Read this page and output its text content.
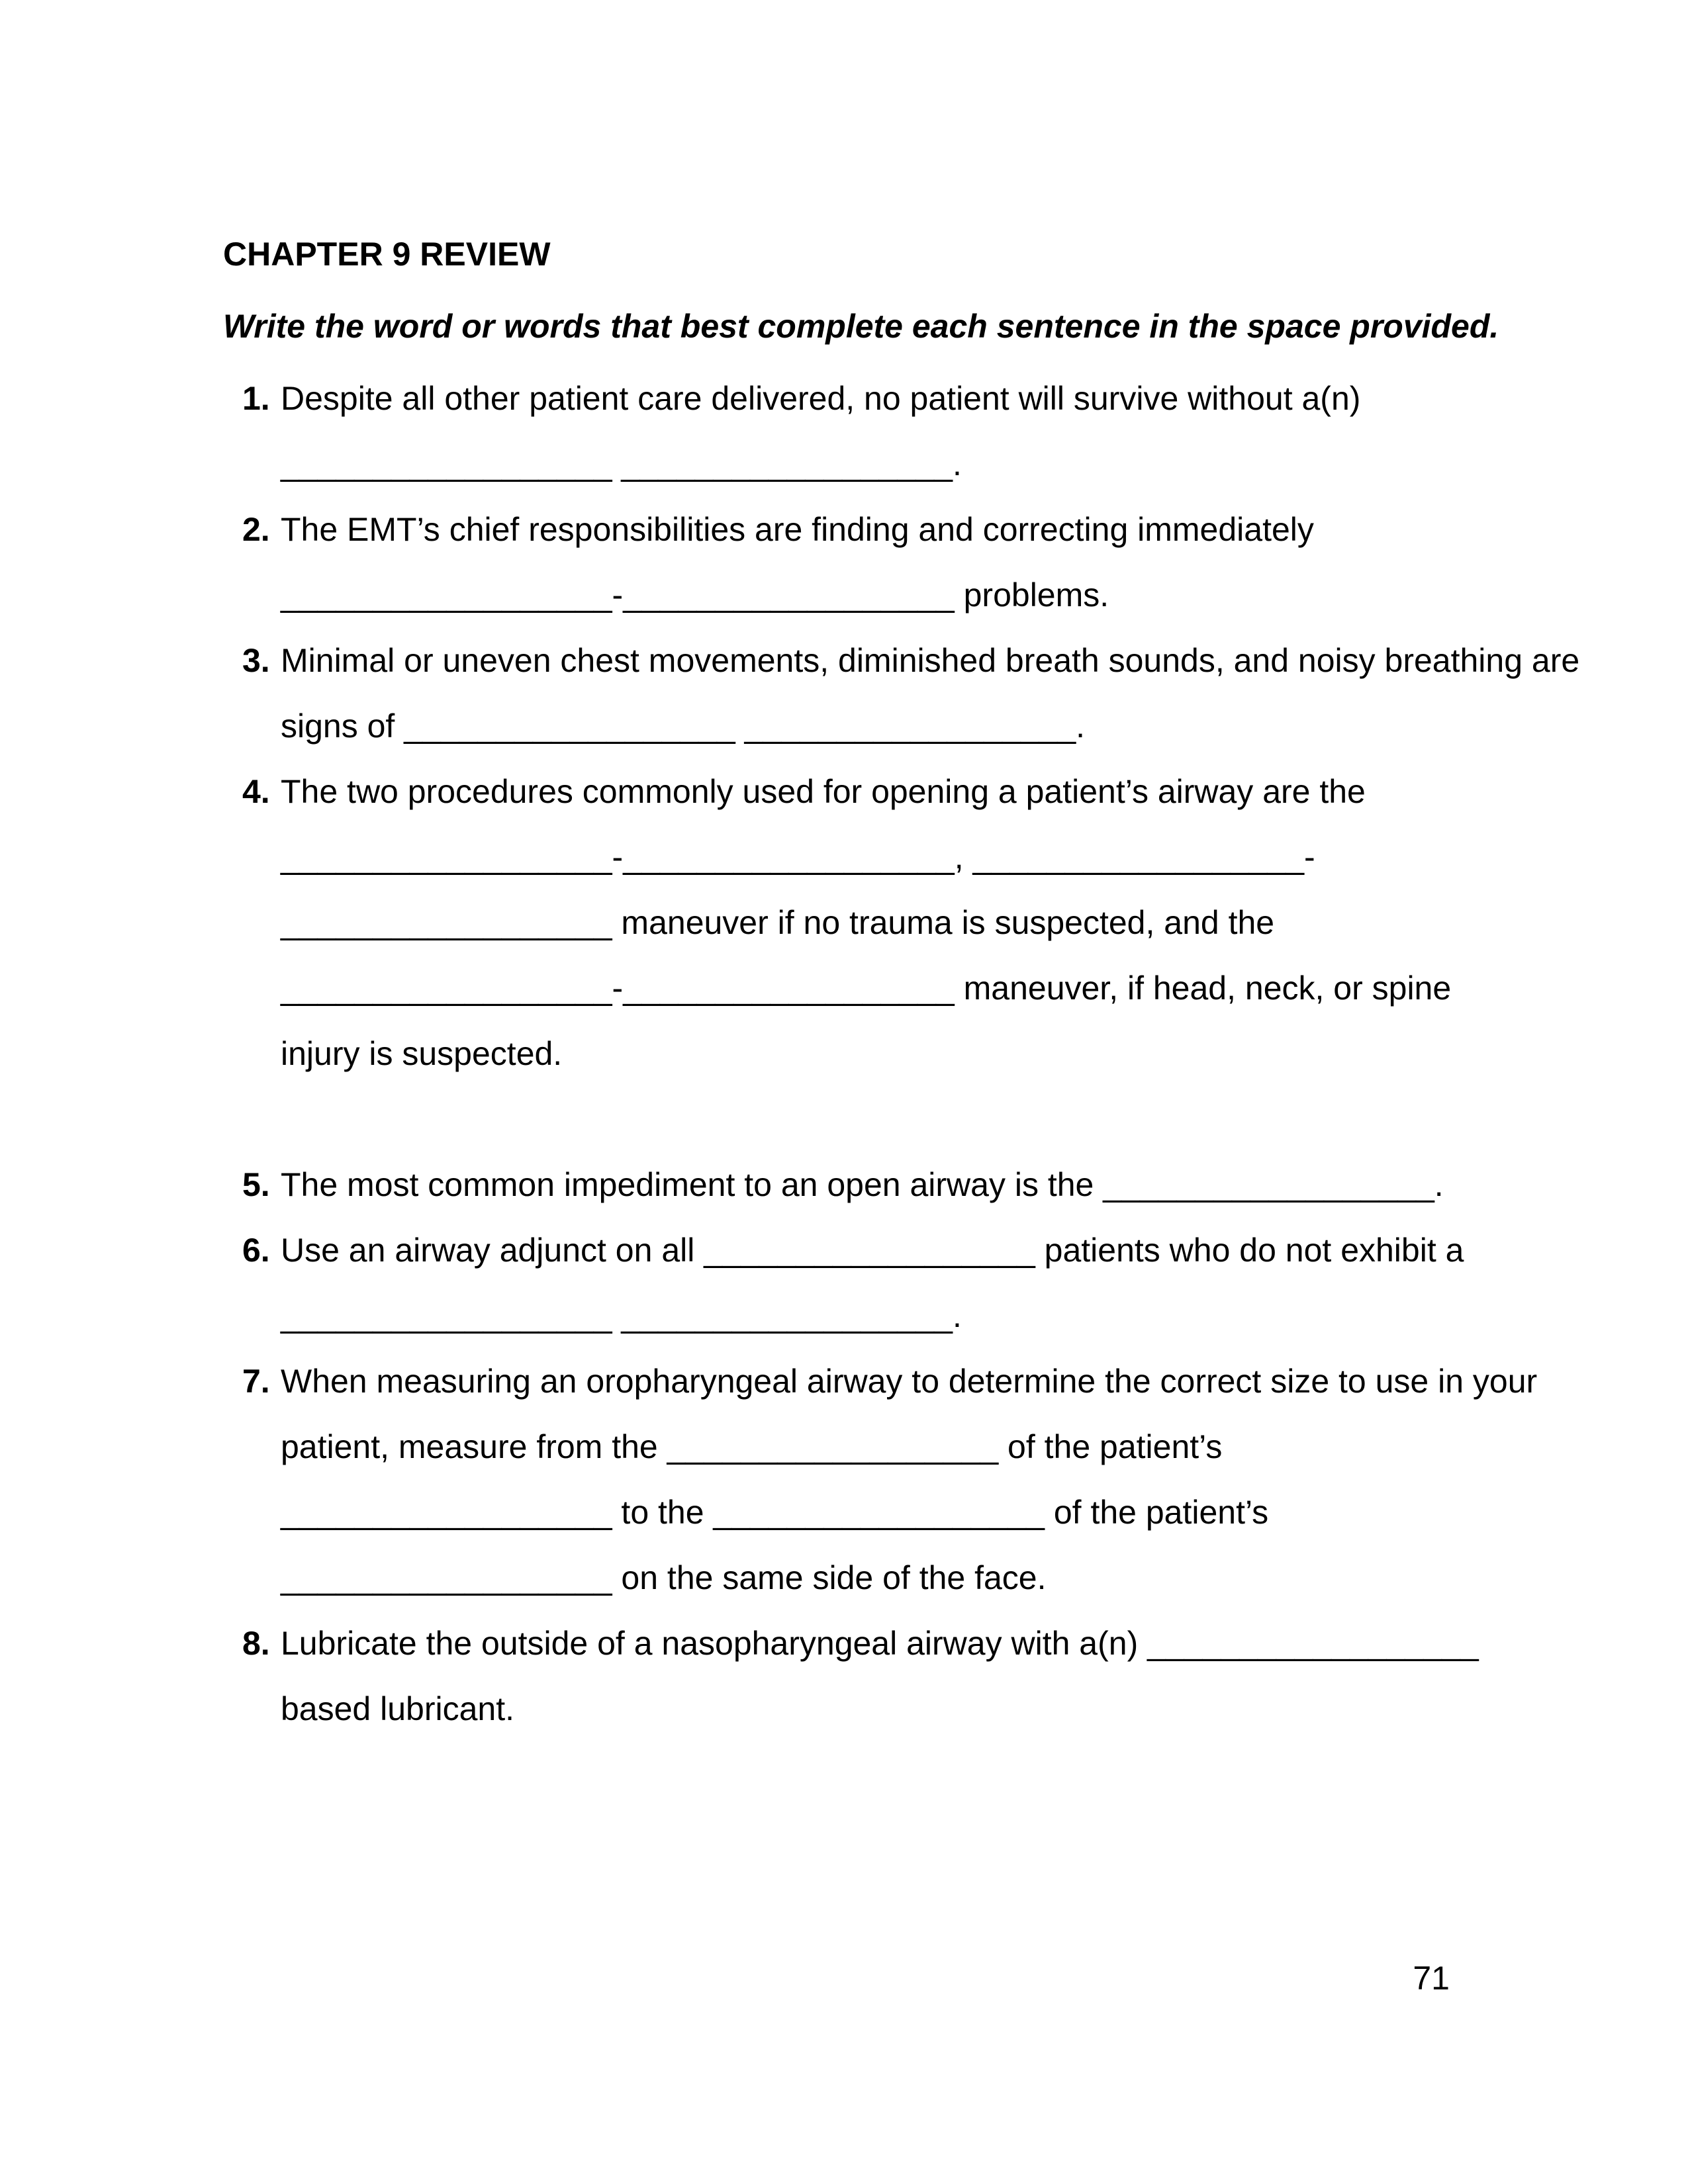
CHAPTER 9 REVIEW
Write the word or words that best complete each sentence in the space provided.
1. Despite all other patient care delivered, no patient will survive without a(n)
__________________ __________________.
2. The EMT’s chief responsibilities are finding and correcting immediately
__________________-__________________ problems.
3. Minimal or uneven chest movements, diminished breath sounds, and noisy breathing are
signs of __________________ __________________.
4. The two procedures commonly used for opening a patient’s airway are the
__________________-__________________, __________________-
__________________ maneuver if no trauma is suspected, and the
__________________-__________________ maneuver, if head, neck, or spine
injury is suspected.
5. The most common impediment to an open airway is the __________________.
6. Use an airway adjunct on all __________________ patients who do not exhibit a
__________________ __________________.
7. When measuring an oropharyngeal airway to determine the correct size to use in your
patient, measure from the __________________ of the patient’s
__________________ to the __________________ of the patient’s
__________________ on the same side of the face.
8. Lubricate the outside of a nasopharyngeal airway with a(n) __________________
based lubricant.
71
